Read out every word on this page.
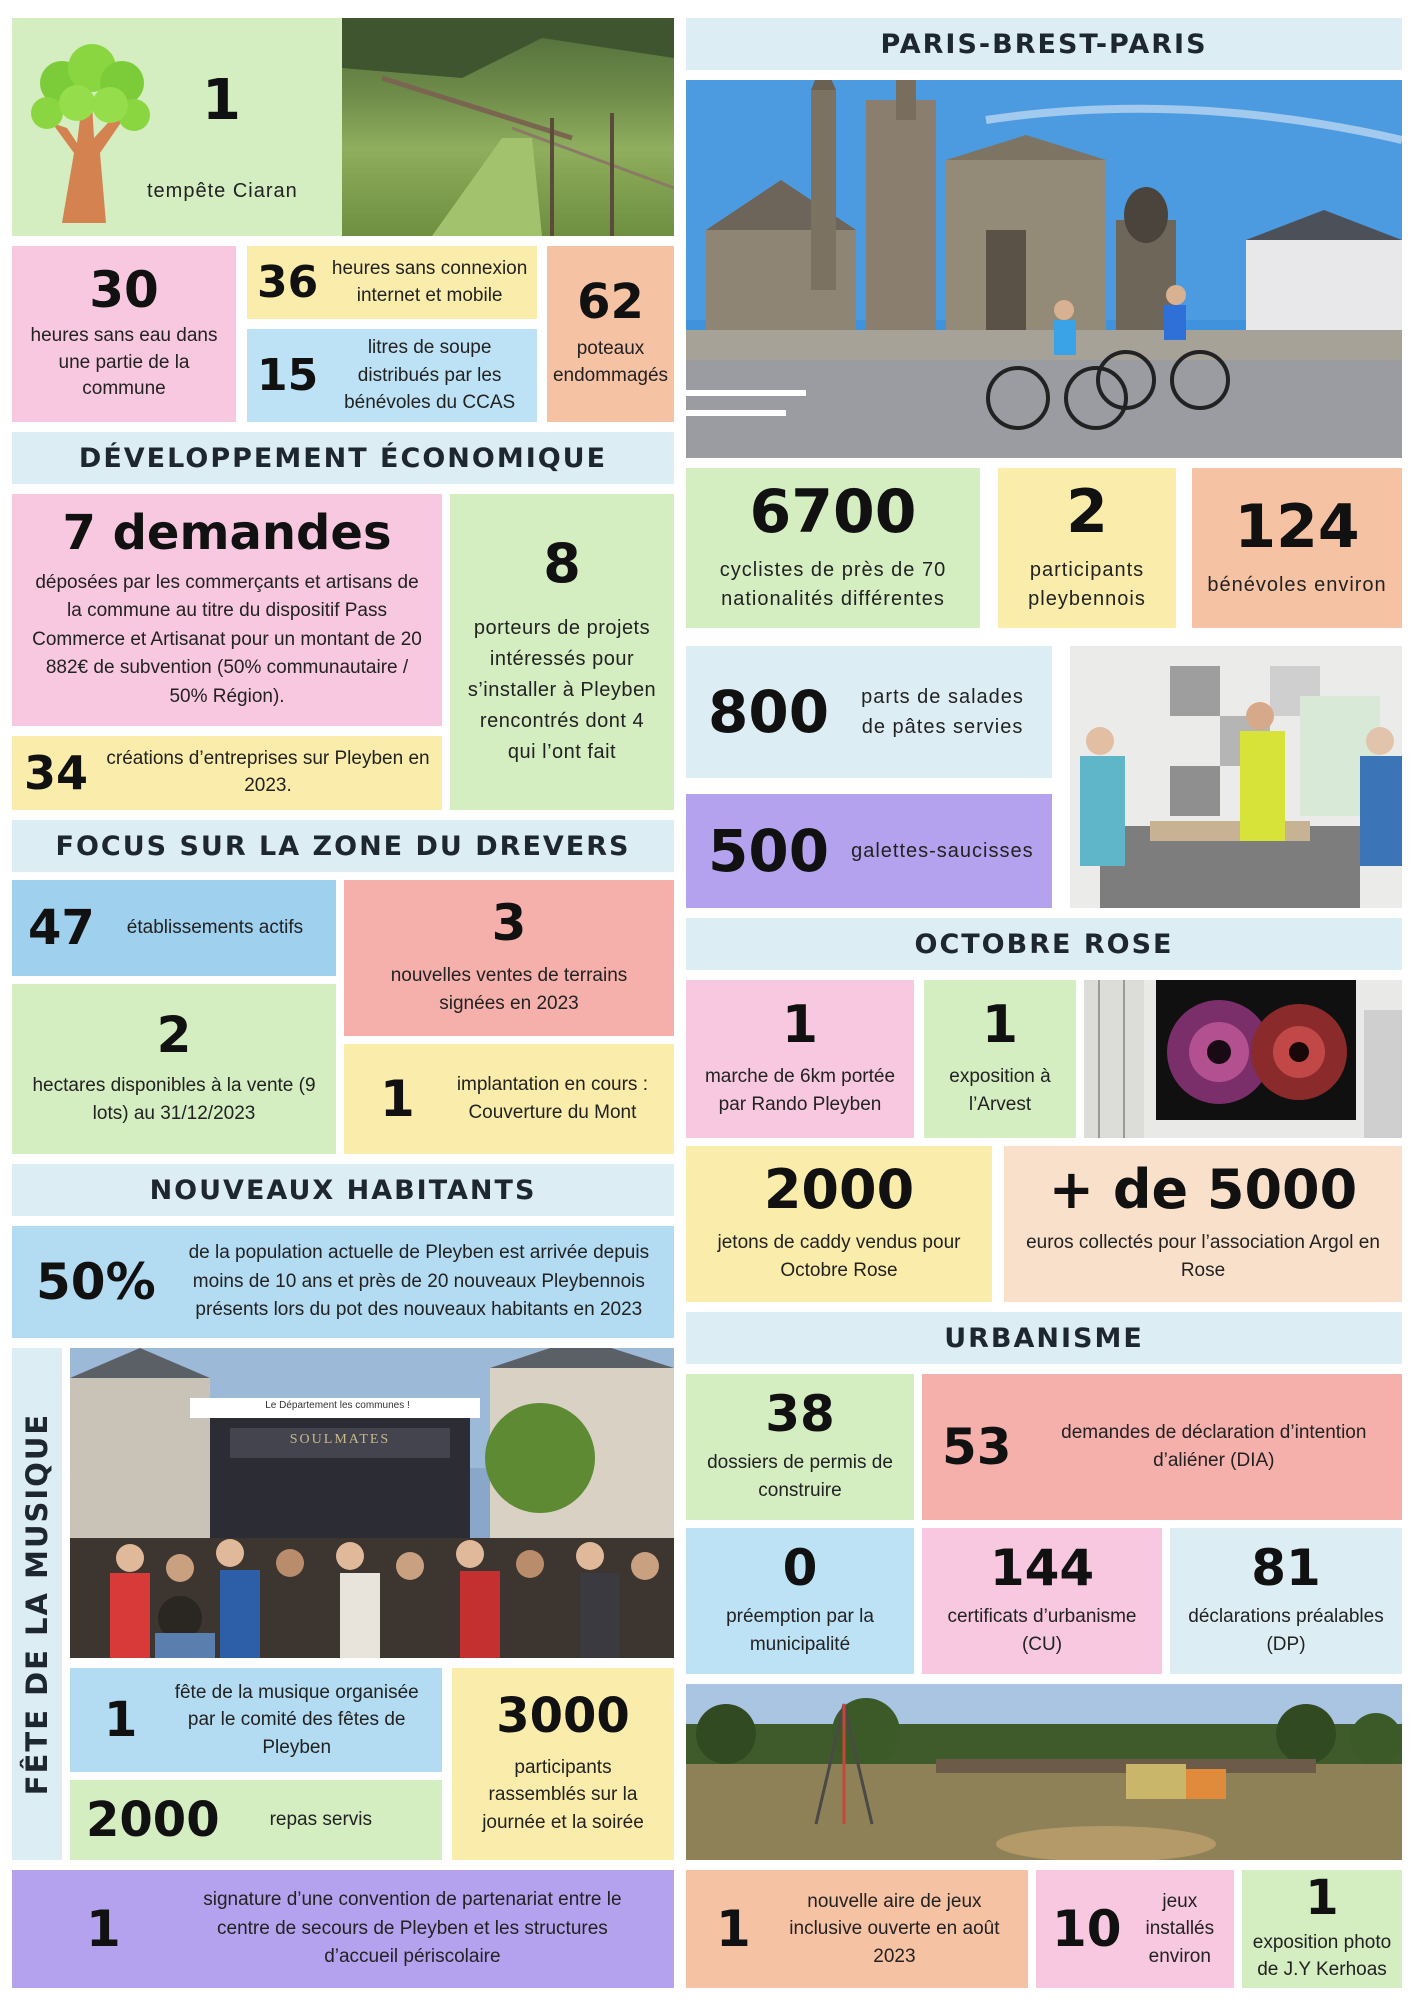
1
tempête Ciaran
30
heures sans eau dans une partie de la commune
36 heures sans connexion internet et mobile
15
litres de soupe distribués par les bénévoles du CCAS
62
poteaux endommagés
DÉVELOPPEMENT ÉCONOMIQUE
7 demandes
déposées par les commerçants et artisans de la commune au titre du dispositif Pass Commerce et Artisanat pour un montant de 20 882€ de subvention (50% communautaire / 50% Région).
8
porteurs de projets intéressés pour s’installer à Pleyben rencontrés dont 4 qui l’ont fait
34 créations d’entreprises sur Pleyben en 2023.
FOCUS SUR LA ZONE DU DREVERS
47 établissements actifs	3
nouvelles ventes de terrains signées en 2023
2
hectares disponibles à la vente (9 lots) au 31/12/2023	1	implantation en cours : Couverture du Mont
NOUVEAUX HABITANTS
50%
de la population actuelle de Pleyben est arrivée depuis moins de 10 ans et près de 20 nouveaux Pleybennois présents lors du pot des nouveaux habitants en 2023
FÊTE DE LA MUSIQUE
Le Département les communes !
SOULMATES
1	fête de la musique organisée par le comité des fêtes de Pleyben
3000
participants rassemblés sur la journée et la soirée
2000	repas servis
1
signature d’une convention de partenariat entre le centre de secours de Pleyben et les structures d’accueil périscolaire
PARIS-BREST-PARIS
6700
cyclistes de près de 70 nationalités différentes
2
participants pleybennois
124
bénévoles environ
800	parts de salades de pâtes servies
500 galettes-saucisses
OCTOBRE ROSE
1
marche de 6km portée par Rando Pleyben
1
exposition à l’Arvest
2000
jetons de caddy vendus pour Octobre Rose
+ de 5000
euros collectés pour l’association Argol en Rose
URBANISME
38
dossiers de permis de construire
53	demandes de déclaration d’intention d’aliéner (DIA)
0
préemption par la municipalité
144
certificats d’urbanisme (CU)
81
déclarations préalables (DP)
1	nouvelle aire de jeux inclusive ouverte en août 2023	10	jeux installés environ
1
exposition photo de J.Y Kerhoas
